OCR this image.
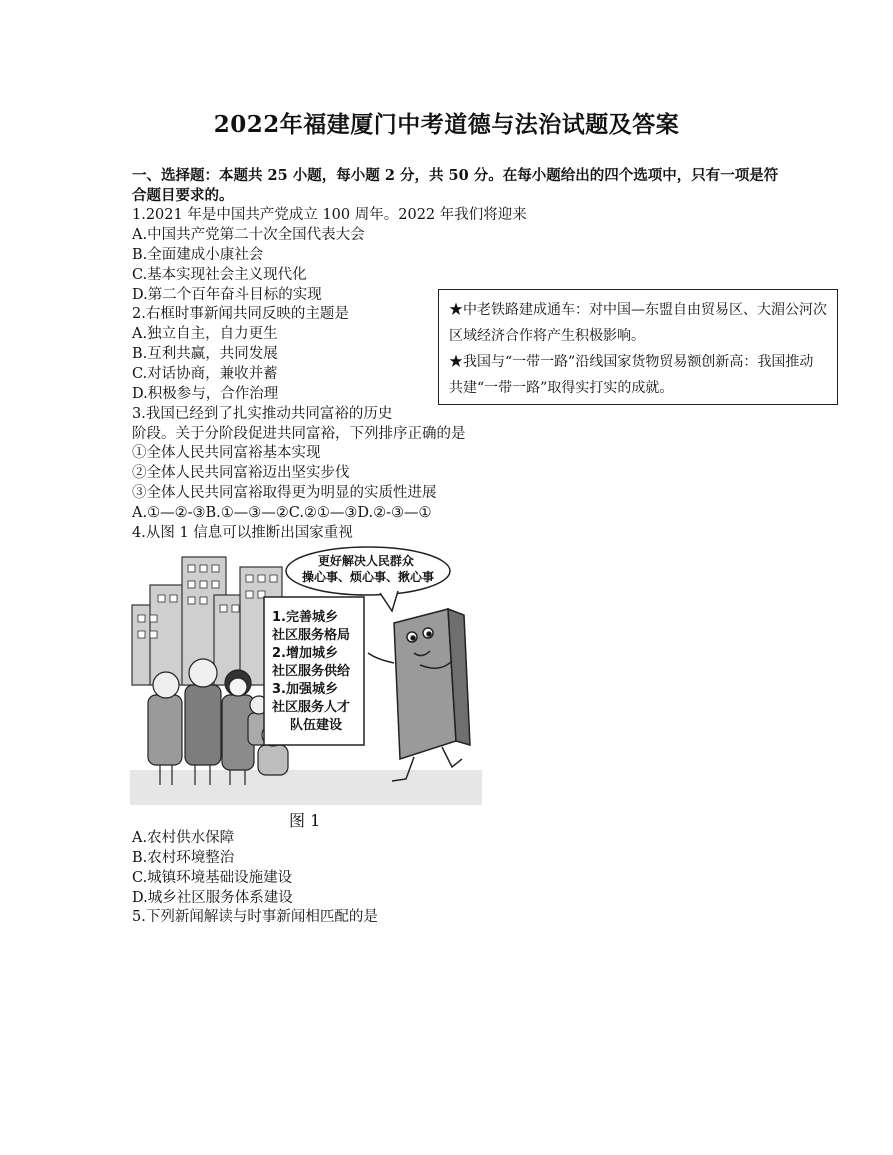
2022年福建厦门中考道德与法治试题及答案
一、选择题：本题共 25 小题，每小题 2 分，共 50 分。在每小题给出的四个选项中，只有一项是符合题目要求的。
1.2021 年是中国共产党成立 100 周年。2022 年我们将迎来
A.中国共产党第二十次全国代表大会
B.全面建成小康社会
C.基本实现社会主义现代化
D.第二个百年奋斗目标的实现
2.右框时事新闻共同反映的主题是
A.独立自主，自力更生
B.互利共赢，共同发展
C.对话协商，兼收并蓄
D.积极参与，合作治理
3.我国已经到了扎实推动共同富裕的历史
阶段。关于分阶段促进共同富裕，下列排序正确的是
①全体人民共同富裕基本实现
②全体人民共同富裕迈出坚实步伐
③全体人民共同富裕取得更为明显的实质性进展
A.①—②-③B.①—③—②C.②①—③D.②-③—①
4.从图 1 信息可以推断出国家重视

★中老铁路建成通车：对中国—东盟自由贸易区、大湄公河次区域经济合作将产生积极影响。

★我国与“一带一路”沿线国家货物贸易额创新高：我国推动共建“一带一路”取得实打实的成就。

1.完善城乡 社区服务格局 2.增加城乡 社区服务供给 3.加强城乡 社区服务人才 队伍建设
更好解决人民群众 操心事、烦心事、揪心事
图 1
A.农村供水保障
B.农村环境整治
C.城镇环境基础设施建设
D.城乡社区服务体系建设
5.下列新闻解读与时事新闻相匹配的是
